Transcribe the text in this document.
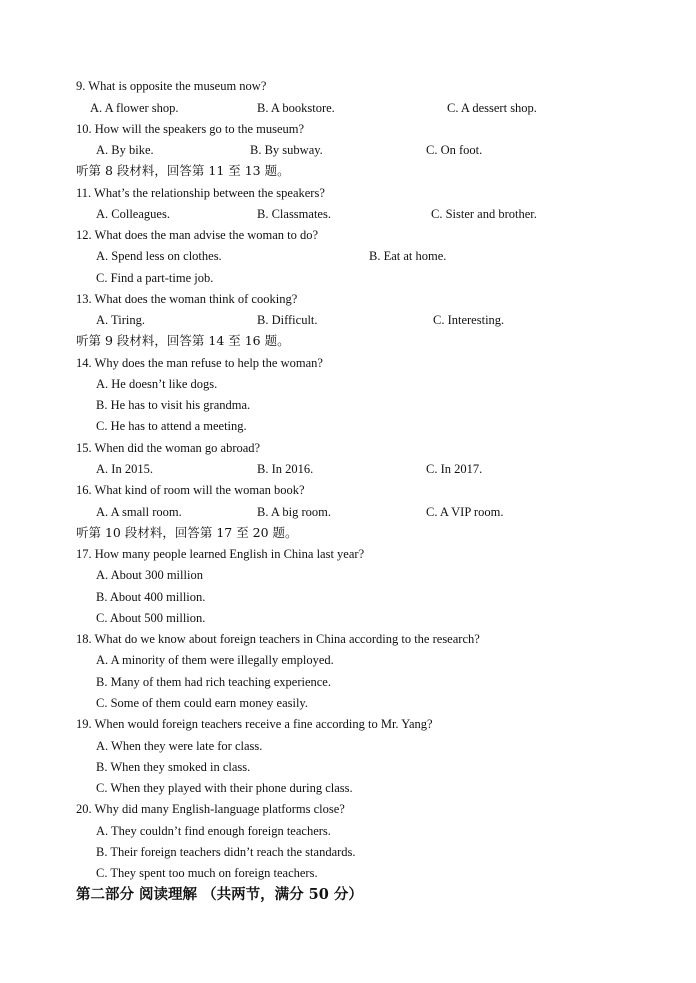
9. What is opposite the museum now?
A. A flower shop.	B. A bookstore.	C. A dessert shop.
10. How will the speakers go to the museum?
A. By bike.	B. By subway.	C. On foot.
听第 8 段材料，回答第 11 至 13 题。
11. What’s the relationship between the speakers?
A. Colleagues.	B. Classmates.	C. Sister and brother.
12. What does the man advise the woman to do?
A. Spend less on clothes.	B. Eat at home.
C. Find a part-time job.
13. What does the woman think of cooking?
A. Tiring.	B. Difficult.	C. Interesting.
听第 9 段材料，回答第 14 至 16 题。
14. Why does the man refuse to help the woman?
A. He doesn’t like dogs.
B. He has to visit his grandma.
C. He has to attend a meeting.
15. When did the woman go abroad?
A. In 2015.	B. In 2016.	C. In 2017.
16. What kind of room will the woman book?
A. A small room.	B. A big room.	C. A VIP room.
听第 10 段材料，回答第 17 至 20 题。
17. How many people learned English in China last year?
A. About 300 million
B. About 400 million.
C. About 500 million.
18. What do we know about foreign teachers in China according to the research?
A. A minority of them were illegally employed.
B. Many of them had rich teaching experience.
C. Some of them could earn money easily.
19. When would foreign teachers receive a fine according to Mr. Yang?
A. When they were late for class.
B. When they smoked in class.
C. When they played with their phone during class.
20. Why did many English-language platforms close?
A. They couldn’t find enough foreign teachers.
B. Their foreign teachers didn’t reach the standards.
C. They spent too much on foreign teachers.
第二部分 阅读理解 （共两节，满分 50 分）
